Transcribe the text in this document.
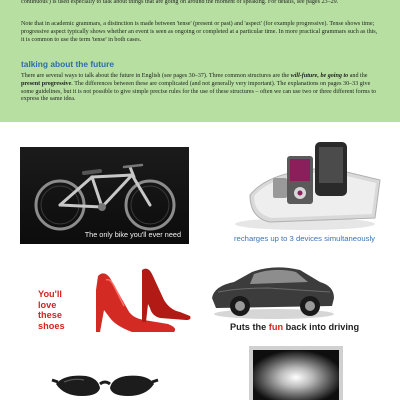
continuous') is used especially to talk about things that are going on around the moment of speaking. For details, see pages 23–29.

Note that in academic grammars, a distinction is made between 'tense' (present or past) and 'aspect' (for example progressive). Tense shows time; progressive aspect typically shows whether an event is seen as ongoing or completed at a particular time. In more practical grammars such as this, it is common to use the term 'tense' in both cases.

talking about the future

There are several ways to talk about the future in English (see pages 30–37). Three common structures are the will-future, be going to and the present progressive. The differences between these are complicated (and not generally very important). The explanations on pages 30–33 give some guidelines, but it is not possible to give simple precise rules for the use of these structures – often we can use two or three different forms to express the same idea.

The only bike you'll ever need	recharges up to 3 devices simultaneously
You'll
love
these
shoes	Puts the fun back into driving
